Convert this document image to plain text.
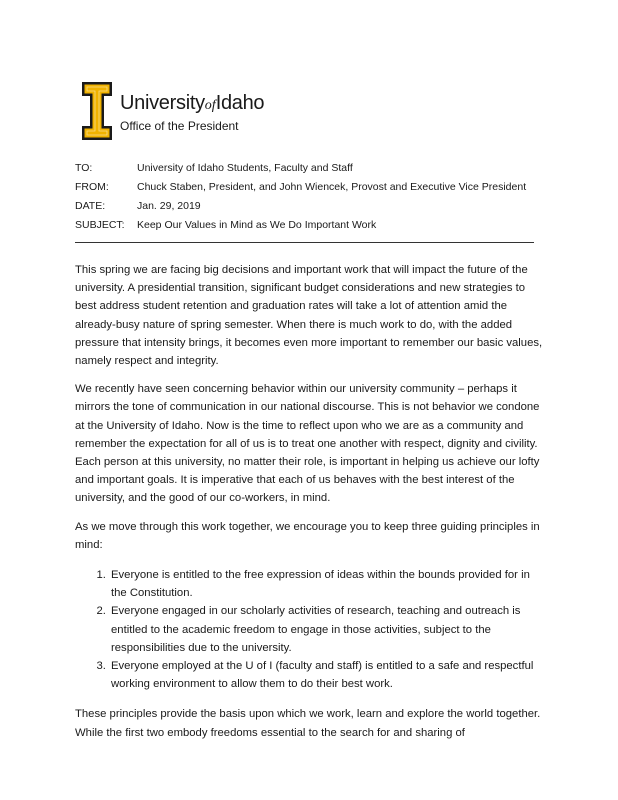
UniversityofIdaho
Office of the President
TO:	University of Idaho Students, Faculty and Staff
FROM:	Chuck Staben, President, and John Wiencek, Provost and Executive Vice President
DATE:	Jan. 29, 2019
SUBJECT:	Keep Our Values in Mind as We Do Important Work

This spring we are facing big decisions and important work that will impact the future of the university. A presidential transition, significant budget considerations and new strategies to best address student retention and graduation rates will take a lot of attention amid the already-busy nature of spring semester. When there is much work to do, with the added pressure that intensity brings, it becomes even more important to remember our basic values, namely respect and integrity.

We recently have seen concerning behavior within our university community – perhaps it mirrors the tone of communication in our national discourse. This is not behavior we condone at the University of Idaho. Now is the time to reflect upon who we are as a community and remember the expectation for all of us is to treat one another with respect, dignity and civility. Each person at this university, no matter their role, is important in helping us achieve our lofty and important goals. It is imperative that each of us behaves with the best interest of the university, and the good of our co-workers, in mind.

As we move through this work together, we encourage you to keep three guiding principles in mind:

1. Everyone is entitled to the free expression of ideas within the bounds provided for in the Constitution.
2. Everyone engaged in our scholarly activities of research, teaching and outreach is entitled to the academic freedom to engage in those activities, subject to the responsibilities due to the university.
3. Everyone employed at the U of I (faculty and staff) is entitled to a safe and respectful working environment to allow them to do their best work.

These principles provide the basis upon which we work, learn and explore the world together. While the first two embody freedoms essential to the search for and sharing of
